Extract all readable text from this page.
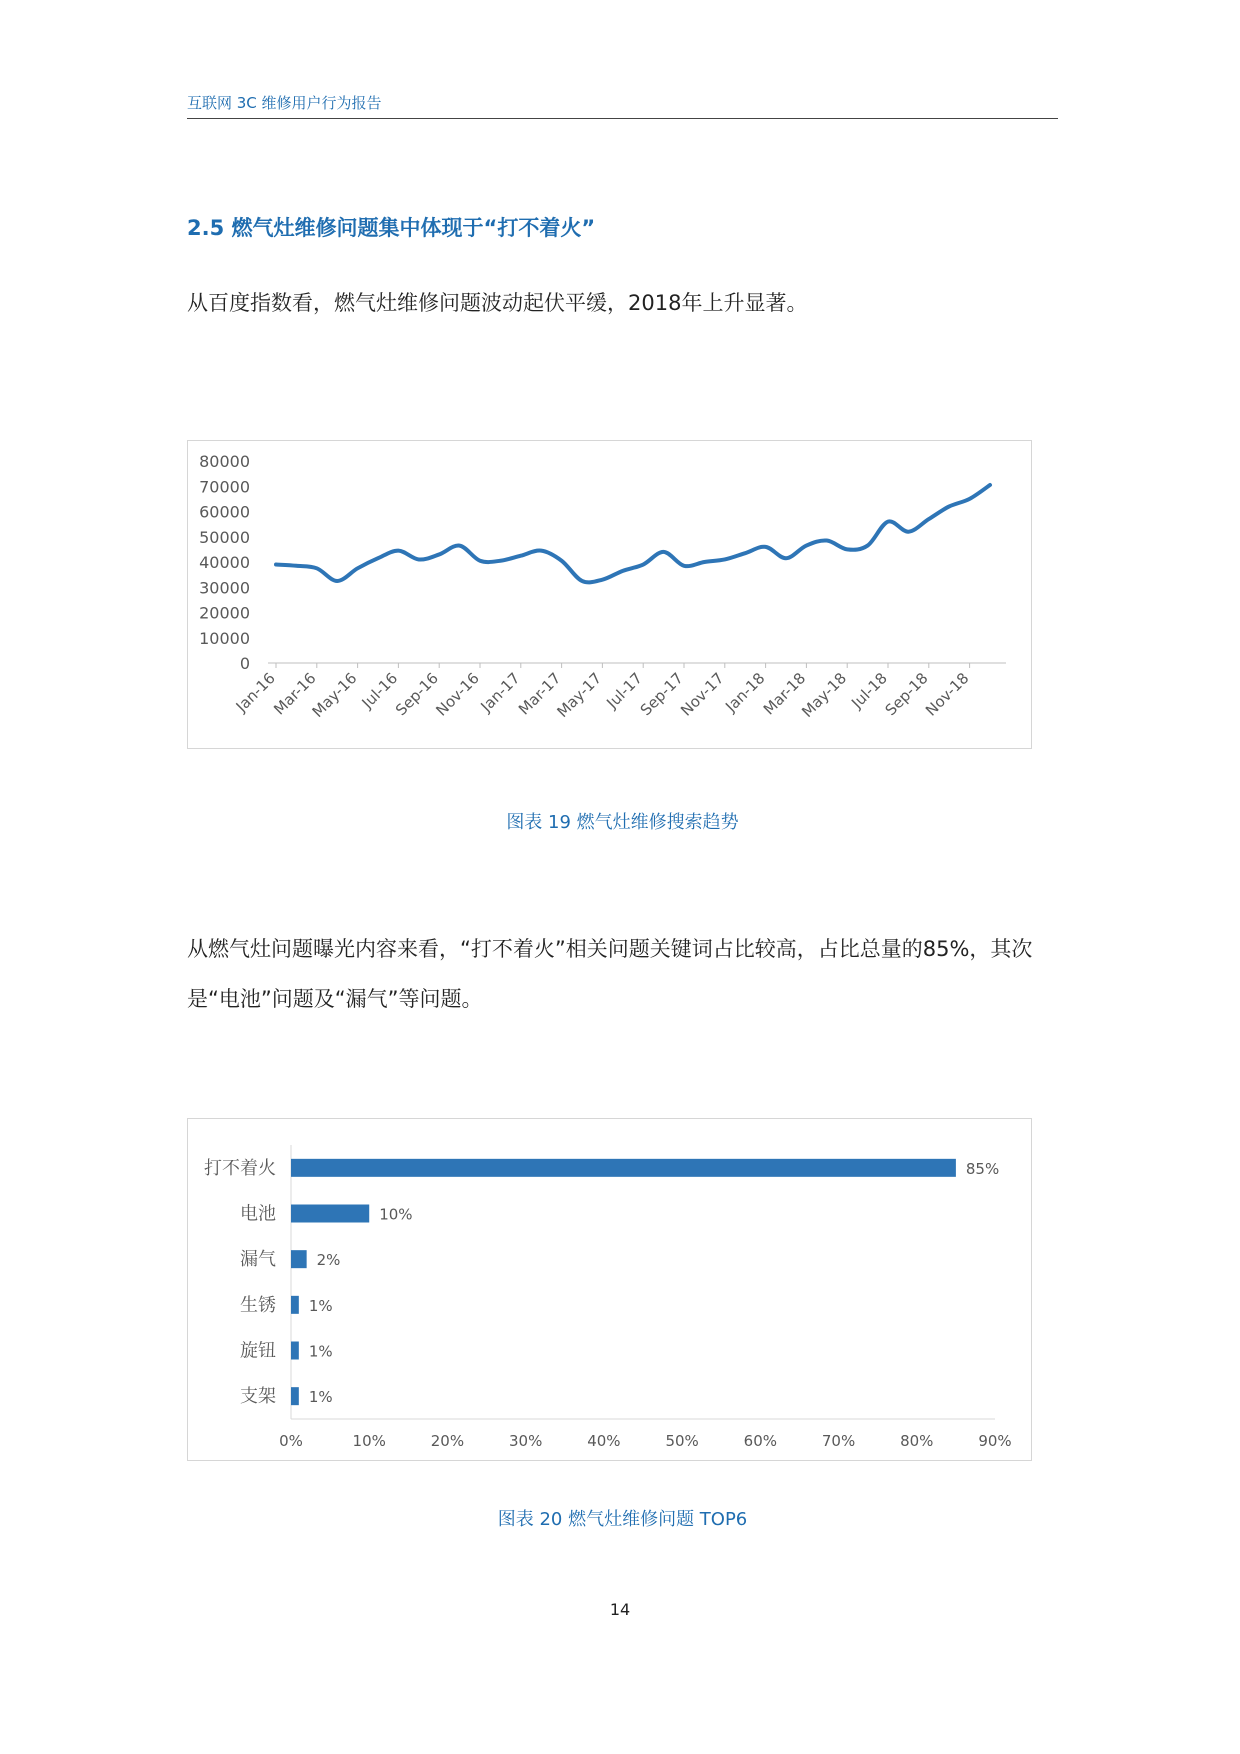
互联网 3C 维修用户行为报告
2.5 燃气灶维修问题集中体现于“打不着火”
从百度指数看，燃气灶维修问题波动起伏平缓，2018年上升显著。
80000
70000
60000
50000
40000
30000
20000
10000
0
Jan-16
Mar-16
May-16
Jul-16
Sep-16
Nov-16
Jan-17
Mar-17
May-17
Jul-17
Sep-17
Nov-17
Jan-18
Mar-18
May-18
Jul-18
Sep-18
Nov-18
图表 19 燃气灶维修搜索趋势
从燃气灶问题曝光内容来看，“打不着火”相关问题关键词占比较高，占比总量的85%，其次是“电池”问题及“漏气”等问题。
0%	10%	20%	30%	40%	50%	60%	70%	80%	90%
打不着火	85%
电池	10%
漏气	2%
生锈 1%
旋钮 1%
支架 1%
图表 20 燃气灶维修问题 TOP6
14
